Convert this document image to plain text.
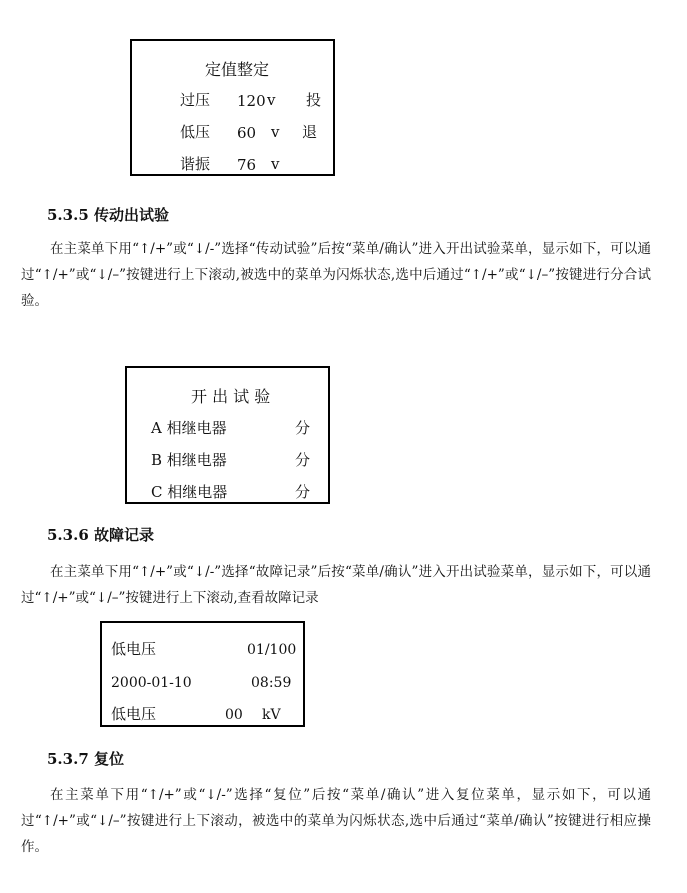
定值整定
过压 120 v 投
低压 60 v 退
谐振 76 v
5.3.5 传动出试验

在主菜单下用“↑/+”或“↓/-”选择“传动试验”后按“菜单/确认”进入开出试验菜单，显示如下，可以通过“↑/+”或“↓/–”按键进行上下滚动,被选中的菜单为闪烁状态,选中后通过“↑/+”或“↓/–”按键进行分合试验。

开 出 试 验
A 相继电器	分
B 相继电器	分
C 相继电器	分
5.3.6 故障记录

在主菜单下用“↑/+”或“↓/-”选择“故障记录”后按“菜单/确认”进入开出试验菜单，显示如下，可以通过“↑/+”或“↓/–”按键进行上下滚动,查看故障记录

低电压	01/100
2000-01-10	08:59
低电压	00 kV
5.3.7 复位

在主菜单下用“↑/+”或“↓/-”选择“复位”后按“菜单/确认”进入复位菜单，显示如下，可以通过“↑/+”或“↓/–”按键进行上下滚动，被选中的菜单为闪烁状态,选中后通过“菜单/确认”按键进行相应操作。
